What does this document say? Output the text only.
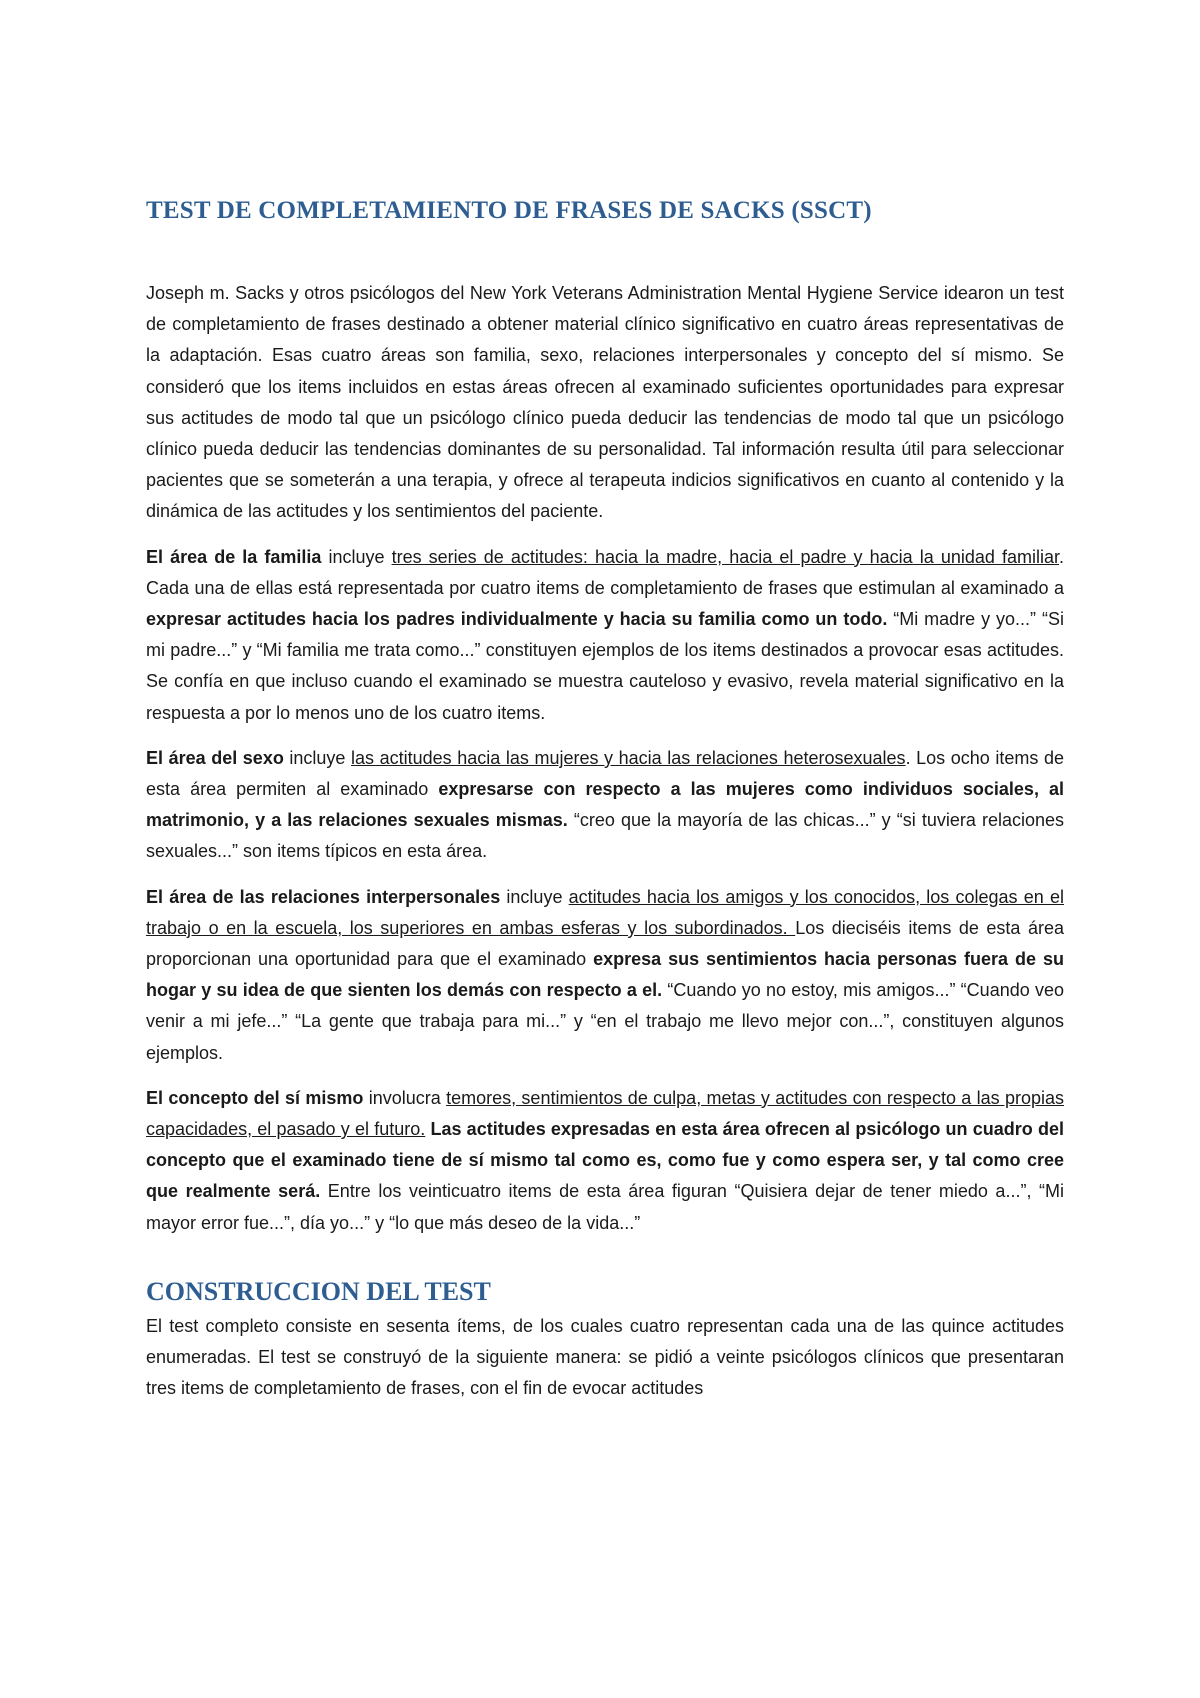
TEST DE COMPLETAMIENTO DE FRASES DE SACKS (SSCT)

Joseph m. Sacks y otros psicólogos del New York Veterans Administration Mental Hygiene Service idearon un test de completamiento de frases destinado a obtener material clínico significativo en cuatro áreas representativas de la adaptación. Esas cuatro áreas son familia, sexo, relaciones interpersonales y concepto del sí mismo. Se consideró que los items incluidos en estas áreas ofrecen al examinado suficientes oportunidades para expresar sus actitudes de modo tal que un psicólogo clínico pueda deducir las tendencias de modo tal que un psicólogo clínico pueda deducir las tendencias dominantes de su personalidad. Tal información resulta útil para seleccionar pacientes que se someterán a una terapia, y ofrece al terapeuta indicios significativos en cuanto al contenido y la dinámica de las actitudes y los sentimientos del paciente.

El área de la familia incluye tres series de actitudes: hacia la madre, hacia el padre y hacia la unidad familiar. Cada una de ellas está representada por cuatro items de completamiento de frases que estimulan al examinado a expresar actitudes hacia los padres individualmente y hacia su familia como un todo. “Mi madre y yo...” “Si mi padre...” y “Mi familia me trata como...” constituyen ejemplos de los items destinados a provocar esas actitudes. Se confía en que incluso cuando el examinado se muestra cauteloso y evasivo, revela material significativo en la respuesta a por lo menos uno de los cuatro items.

El área del sexo incluye las actitudes hacia las mujeres y hacia las relaciones heterosexuales. Los ocho items de esta área permiten al examinado expresarse con respecto a las mujeres como individuos sociales, al matrimonio, y a las relaciones sexuales mismas. “creo que la mayoría de las chicas...” y “si tuviera relaciones sexuales...” son items típicos en esta área.

El área de las relaciones interpersonales incluye actitudes hacia los amigos y los conocidos, los colegas en el trabajo o en la escuela, los superiores en ambas esferas y los subordinados. Los dieciséis items de esta área proporcionan una oportunidad para que el examinado expresa sus sentimientos hacia personas fuera de su hogar y su idea de que sienten los demás con respecto a el. “Cuando yo no estoy, mis amigos...” “Cuando veo venir a mi jefe...” “La gente que trabaja para mi...” y “en el trabajo me llevo mejor con...”, constituyen algunos ejemplos.

El concepto del sí mismo involucra temores, sentimientos de culpa, metas y actitudes con respecto a las propias capacidades, el pasado y el futuro. Las actitudes expresadas en esta área ofrecen al psicólogo un cuadro del concepto que el examinado tiene de sí mismo tal como es, como fue y como espera ser, y tal como cree que realmente será. Entre los veinticuatro items de esta área figuran “Quisiera dejar de tener miedo a...”, “Mi mayor error fue...”, día yo...” y “lo que más deseo de la vida...”

CONSTRUCCION DEL TEST

El test completo consiste en sesenta ítems, de los cuales cuatro representan cada una de las quince actitudes enumeradas. El test se construyó de la siguiente manera: se pidió a veinte psicólogos clínicos que presentaran tres items de completamiento de frases, con el fin de evocar actitudes
